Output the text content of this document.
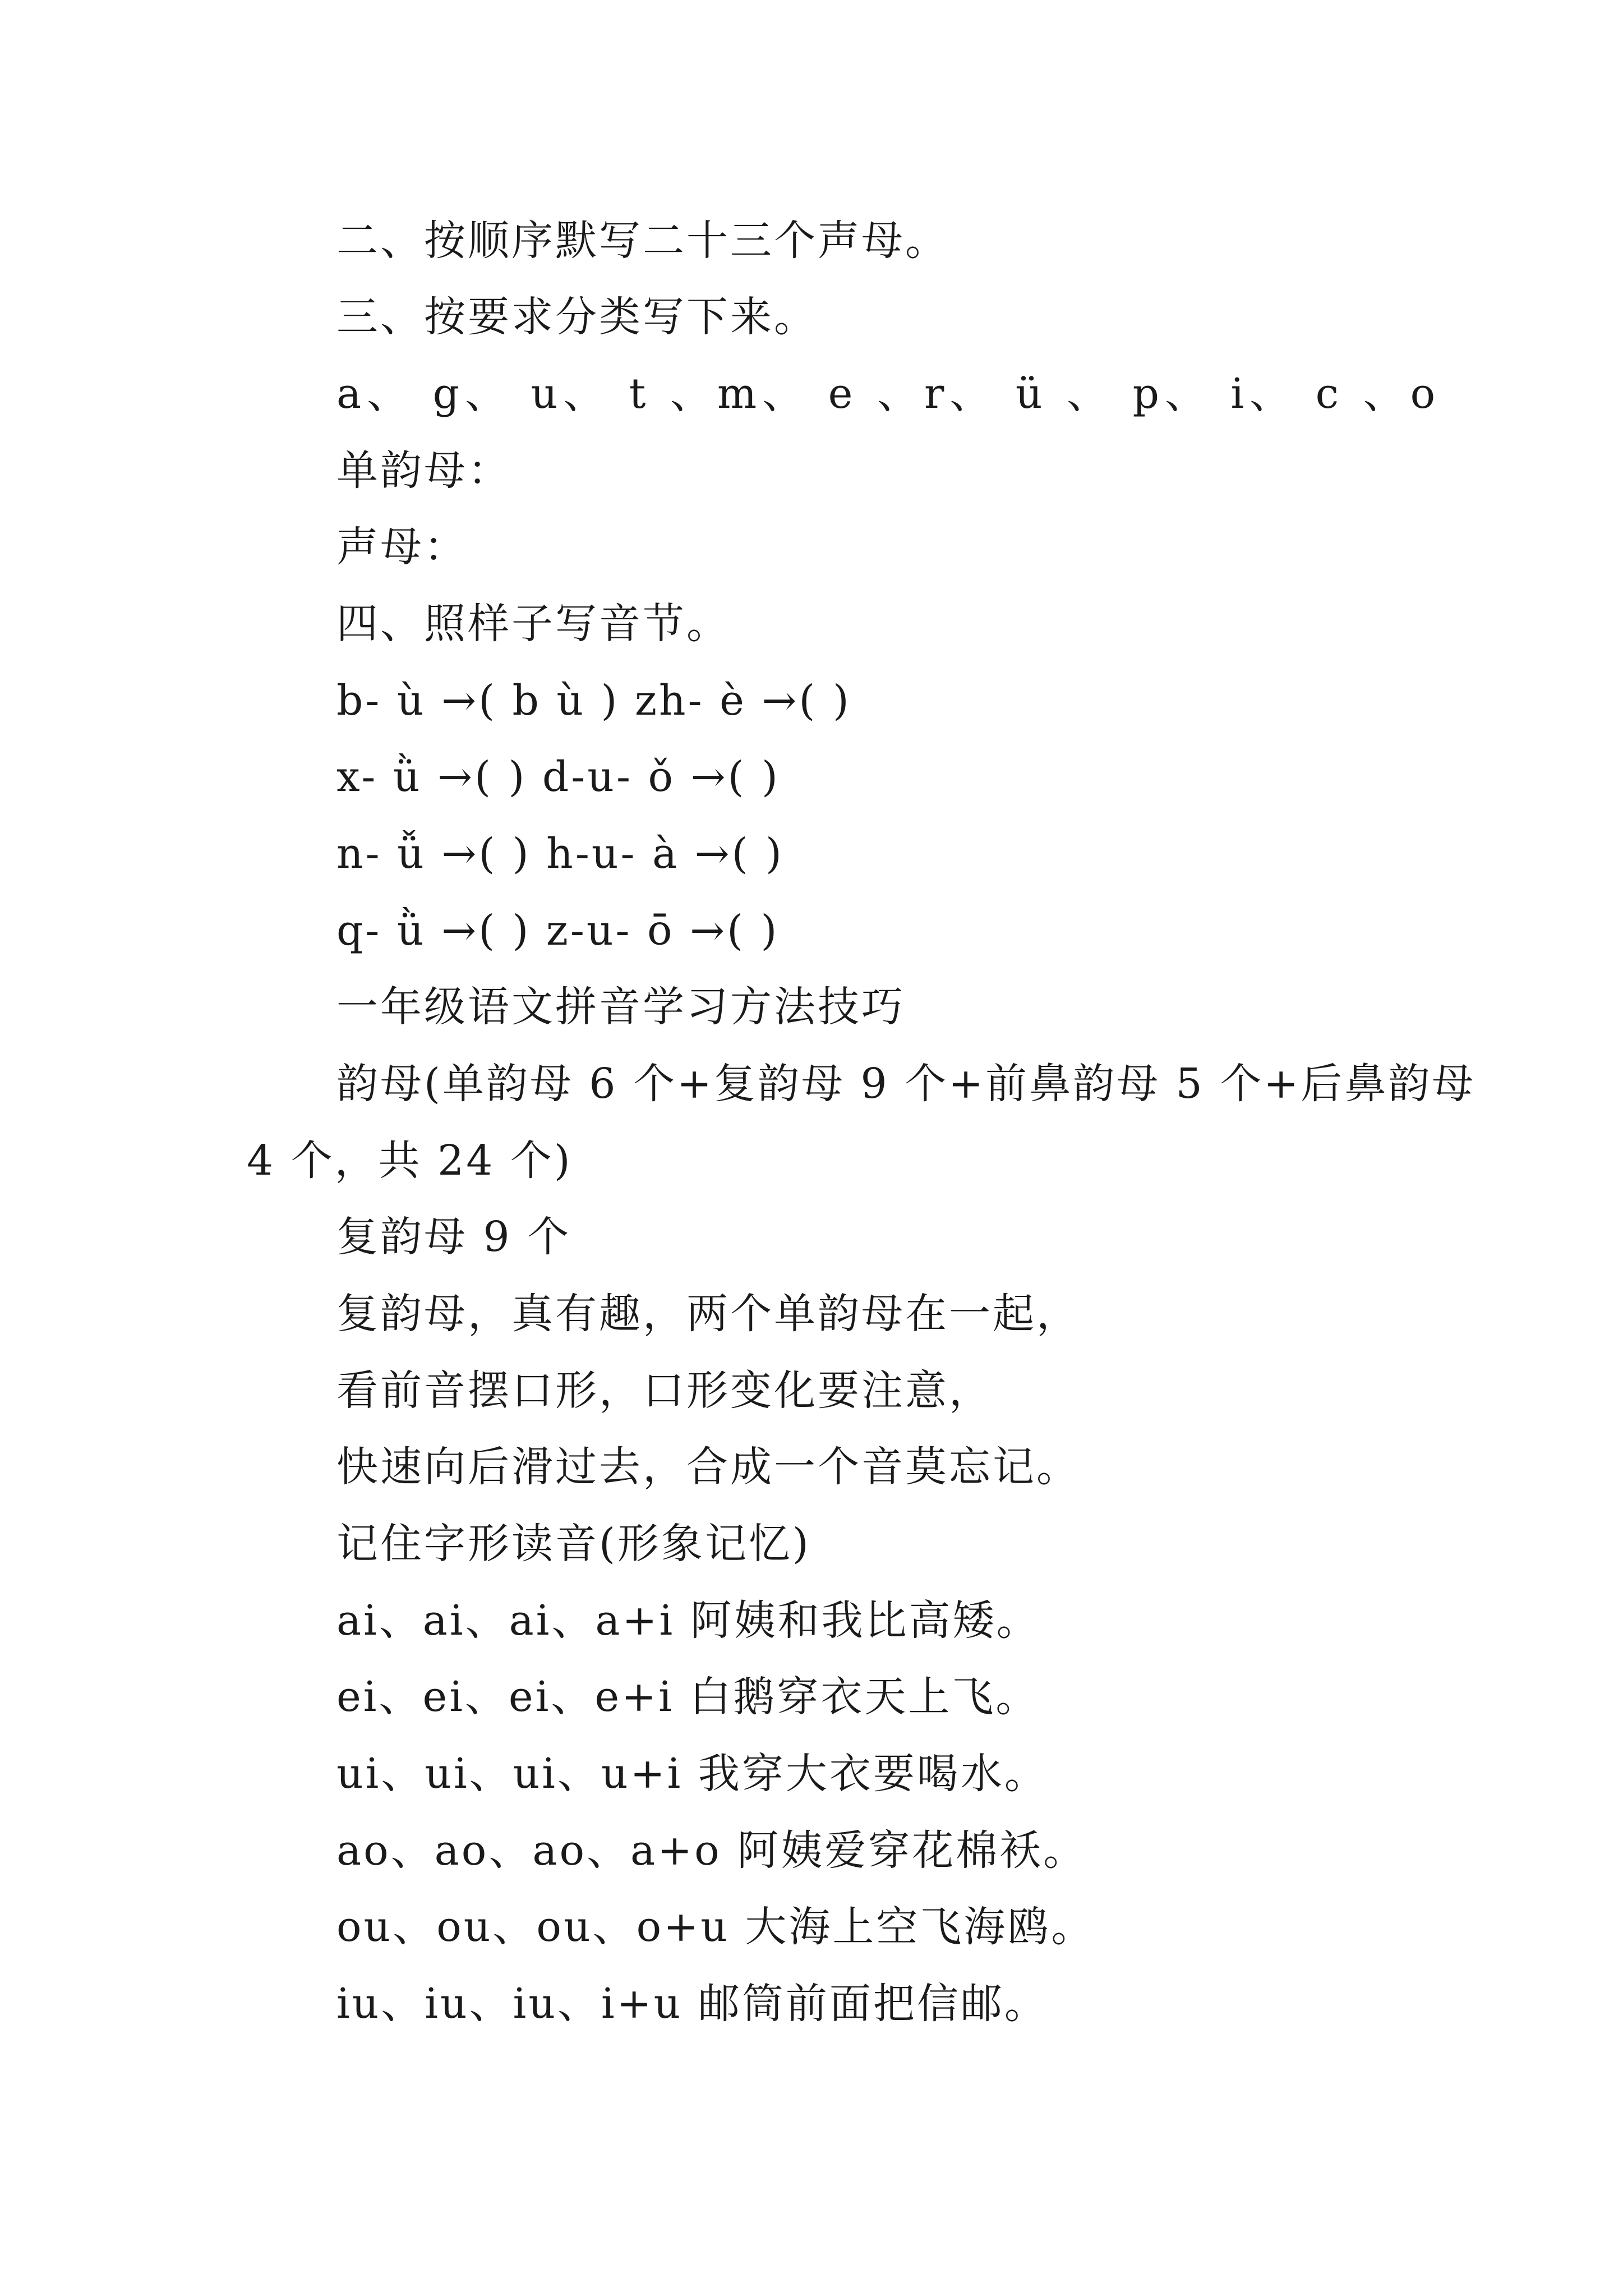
二、按顺序默写二十三个声母。
三、按要求分类写下来。
a、 g、 u、 t 、m、 e 、r、 ü 、 p、 i、 c 、o
单韵母：
声母：
四、照样子写音节。
b- ù →( b ù ) zh- è →( )
x- ǜ →( ) d-u- ǒ →( )
n- ǚ →( ) h-u- à →( )
q- ǜ →( ) z-u- ō →( )
一年级语文拼音学习方法技巧
韵母(单韵母 6 个+复韵母 9 个+前鼻韵母 5 个+后鼻韵母
4 个，共 24 个)
复韵母 9 个
复韵母，真有趣，两个单韵母在一起，
看前音摆口形，口形变化要注意，
快速向后滑过去，合成一个音莫忘记。
记住字形读音(形象记忆)
ai、ai、ai、a+i 阿姨和我比高矮。
ei、ei、ei、e+i 白鹅穿衣天上飞。
ui、ui、ui、u+i 我穿大衣要喝水。
ao、ao、ao、a+o 阿姨爱穿花棉袄。
ou、ou、ou、o+u 大海上空飞海鸥。
iu、iu、iu、i+u 邮筒前面把信邮。
